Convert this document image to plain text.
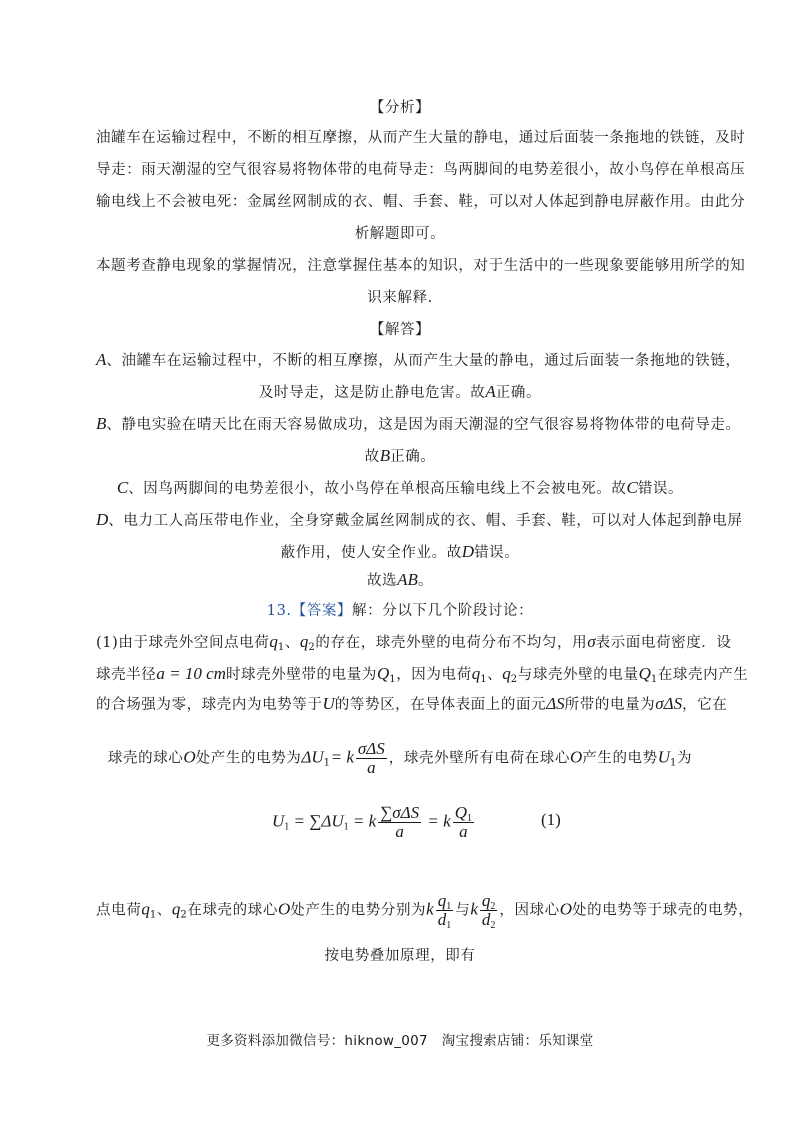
【分析】
油罐车在运输过程中，不断的相互摩擦，从而产生大量的静电，通过后面装一条拖地的铁链，及时
导走：雨天潮湿的空气很容易将物体带的电荷导走：鸟两脚间的电势差很小，故小鸟停在单根高压
输电线上不会被电死：金属丝网制成的衣、帽、手套、鞋，可以对人体起到静电屏蔽作用。由此分
析解题即可。
本题考查静电现象的掌握情况，注意掌握住基本的知识，对于生活中的一些现象要能够用所学的知
识来解释.
【解答】
A、油罐车在运输过程中，不断的相互摩擦，从而产生大量的静电，通过后面装一条拖地的铁链，
及时导走，这是防止静电危害。故A正确。
B、静电实验在晴天比在雨天容易做成功，这是因为雨天潮湿的空气很容易将物体带的电荷导走。
故B正确。
C、因鸟两脚间的电势差很小，故小鸟停在单根高压输电线上不会被电死。故C错误。
D、电力工人高压带电作业，全身穿戴金属丝网制成的衣、帽、手套、鞋，可以对人体起到静电屏
蔽作用，使人安全作业。故D错误。
故选AB。
13.【答案】解：分以下几个阶段讨论：
(1)由于球壳外空间点电荷$q_1$、$q_2$的存在，球壳外壁的电荷分布不均匀，用σ表示面电荷密度．设
球壳半径a = 10 cm时球壳外壁带的电量为$Q_1$，因为电荷$q_1$、$q_2$与球壳外壁的电量$Q_1$在球壳内产生
的合场强为零，球壳内为电势等于U的等势区，在导体表面上的面元ΔS所带的电量为σΔS，它在
球壳的球心O处产生的电势为$\Delta U_1= k \frac{\text{σΔS}}{a}$ ，球壳外壁所有电荷在球心O产生的电势$U_1$为
$U_1 = \sum\Delta U_1 = k \frac{\text{∑σΔS}}{a} = k \frac{Q_1}{a}$	(1)
点电荷$q_1$、$q_2$在球壳的球心O处产生的电势分别为k $\frac{q_1}{d_1}$ 与k $\frac{q_2}{d_2}$ ，因球心O处的电势等于球壳的电势，
按电势叠加原理，即有
更多资料添加微信号：hiknow_007　淘宝搜索店铺：乐知课堂
